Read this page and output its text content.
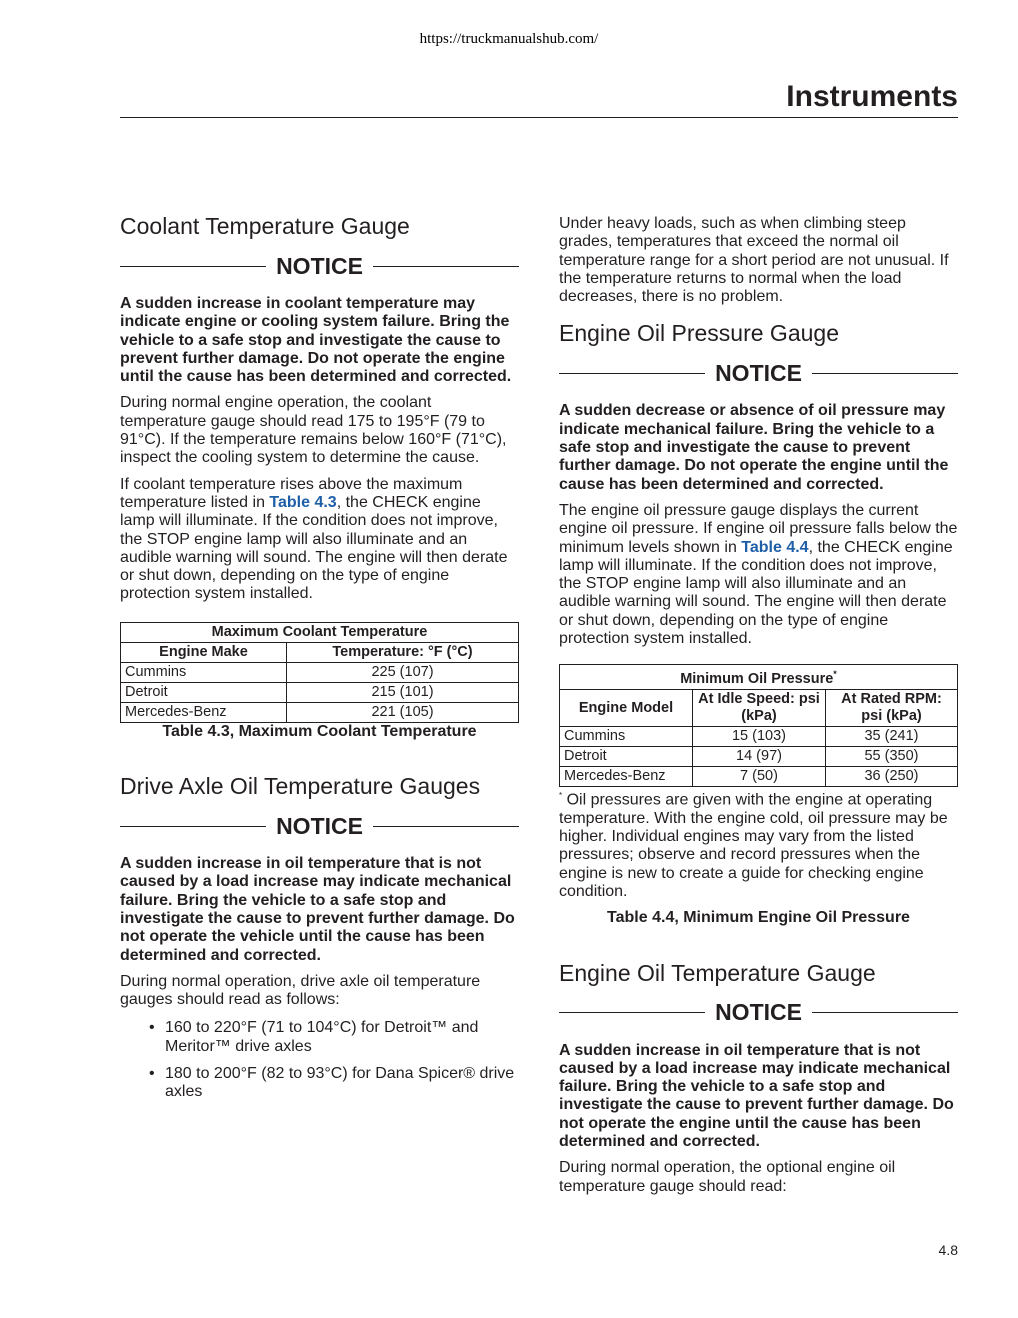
https://truckmanualshub.com/
Instruments
Coolant Temperature Gauge
NOTICE

A sudden increase in coolant temperature may indicate engine or cooling system failure. Bring the vehicle to a safe stop and investigate the cause to prevent further damage. Do not operate the engine until the cause has been determined and corrected.

During normal engine operation, the coolant temperature gauge should read 175 to 195°F (79 to 91°C). If the temperature remains below 160°F (71°C), inspect the cooling system to determine the cause.

If coolant temperature rises above the maximum temperature listed in Table 4.3, the CHECK engine lamp will illuminate. If the condition does not improve, the STOP engine lamp will also illuminate and an audible warning will sound. The engine will then derate or shut down, depending on the type of engine protection system installed.

Maximum Coolant Temperature	
Engine Make	Temperature: °F (°C)
Cummins	225 (107)
Detroit	215 (101)
Mercedes-Benz	221 (105)

Table 4.3, Maximum Coolant Temperature

Drive Axle Oil Temperature Gauges
NOTICE

A sudden increase in oil temperature that is not caused by a load increase may indicate mechanical failure. Bring the vehicle to a safe stop and investigate the cause to prevent further damage. Do not operate the vehicle until the cause has been determined and corrected.

During normal operation, drive axle oil temperature gauges should read as follows:

• 160 to 220°F (71 to 104°C) for Detroit™ and Meritor™ drive axles
• 180 to 200°F (82 to 93°C) for Dana Spicer® drive axles

Under heavy loads, such as when climbing steep grades, temperatures that exceed the normal oil temperature range for a short period are not unusual. If the temperature returns to normal when the load decreases, there is no problem.

Engine Oil Pressure Gauge
NOTICE

A sudden decrease or absence of oil pressure may indicate mechanical failure. Bring the vehicle to a safe stop and investigate the cause to prevent further damage. Do not operate the engine until the cause has been determined and corrected.

The engine oil pressure gauge displays the current engine oil pressure. If engine oil pressure falls below the minimum levels shown in Table 4.4, the CHECK engine lamp will illuminate. If the condition does not improve, the STOP engine lamp will also illuminate and an audible warning will sound. The engine will then derate or shut down, depending on the type of engine protection system installed.

Minimum Oil Pressure*
Engine Model	At Idle Speed: psi (kPa)	At Rated RPM: psi (kPa)
Cummins	15 (103)	35 (241)
Detroit	14 (97)	55 (350)
Mercedes-Benz	7 (50)	36 (250)

* Oil pressures are given with the engine at operating temperature. With the engine cold, oil pressure may be higher. Individual engines may vary from the listed pressures; observe and record pressures when the engine is new to create a guide for checking engine condition.

Table 4.4, Minimum Engine Oil Pressure

Engine Oil Temperature Gauge
NOTICE

A sudden increase in oil temperature that is not caused by a load increase may indicate mechanical failure. Bring the vehicle to a safe stop and investigate the cause to prevent further damage. Do not operate the engine until the cause has been determined and corrected.

During normal operation, the optional engine oil temperature gauge should read:

4.8
